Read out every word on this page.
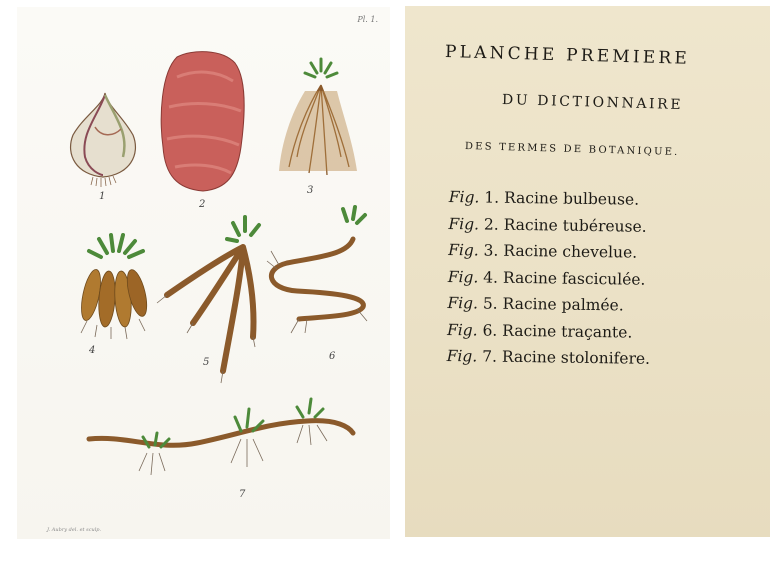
1
2
3
4
5
6
7
Pl. 1.
J. Aubry del. et sculp.
PLANCHE PREMIERE
DU DICTIONNAIRE
DES TERMES DE BOTANIQUE.
Fig. 1. Racine bulbeuse.
Fig. 2. Racine tubéreuse.
Fig. 3. Racine chevelue.
Fig. 4. Racine fasciculée.
Fig. 5. Racine palmée.
Fig. 6. Racine traçante.
Fig. 7. Racine stolonifere.
